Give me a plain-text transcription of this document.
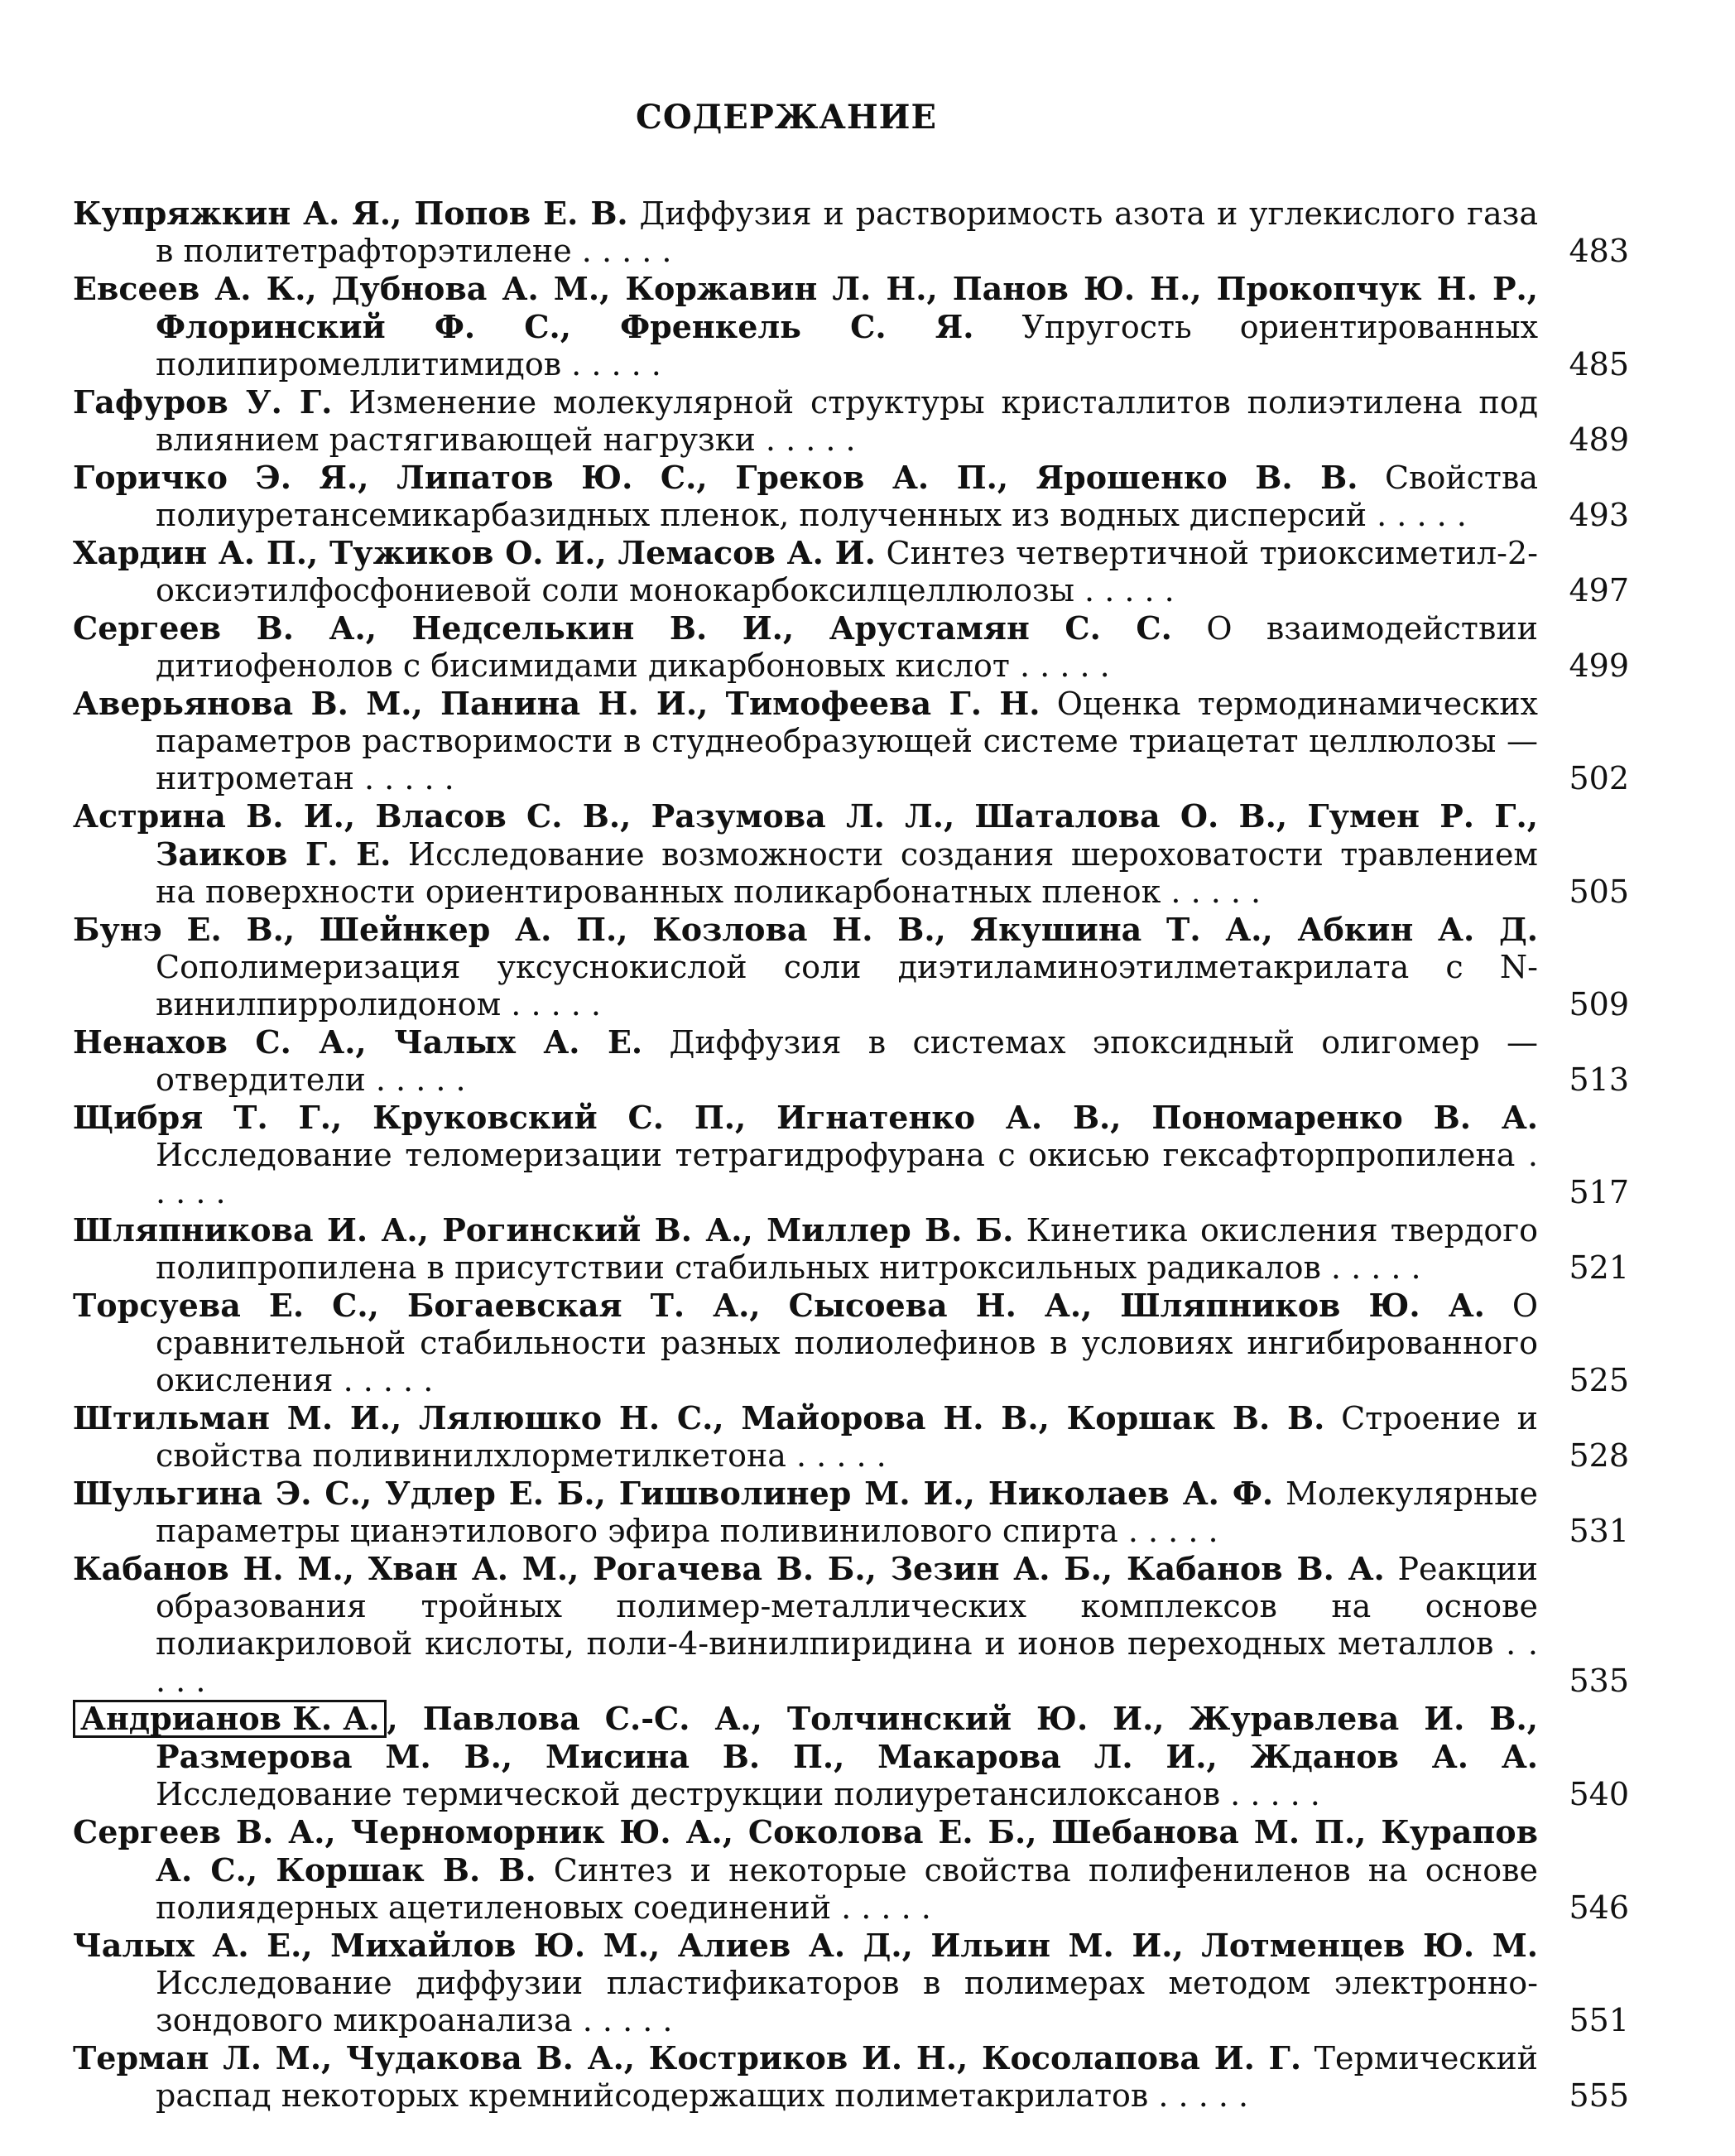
СОДЕРЖАНИЕ
Купряжкин А. Я., Попов Е. В. Диффузия и растворимость азота и углекислого газа в политетрафторэтилене . . . . .	483
Евсеев А. К., Дубнова А. М., Коржавин Л. Н., Панов Ю. Н., Прокопчук Н. Р., Флоринский Ф. С., Френкель С. Я. Упругость ориентированных полипиромеллитимидов . . . . .	485
Гафуров У. Г. Изменение молекулярной структуры кристаллитов полиэтилена под влиянием растягивающей нагрузки . . . . .	489
Горичко Э. Я., Липатов Ю. С., Греков А. П., Ярошенко В. В. Свойства полиуретансемикарбазидных пленок, полученных из водных дисперсий . . . . .	493
Хардин А. П., Тужиков О. И., Лемасов А. И. Синтез четвертичной триоксиметил-2-оксиэтилфосфониевой соли монокарбоксилцеллюлозы . . . . .	497
Сергеев В. А., Недселькин В. И., Арустамян С. С. О взаимодействии дитиофенолов с бисимидами дикарбоновых кислот . . . . .	499
Аверьянова В. М., Панина Н. И., Тимофеева Г. Н. Оценка термодинамических параметров растворимости в студнеобразующей системе триацетат целлюлозы — нитрометан . . . . .	502
Астрина В. И., Власов С. В., Разумова Л. Л., Шаталова О. В., Гумен Р. Г., Заиков Г. Е. Исследование возможности создания шероховатости травлением на поверхности ориентированных поликарбонатных пленок . . . . .	505
Бунэ Е. В., Шейнкер А. П., Козлова Н. В., Якушина Т. А., Абкин А. Д. Сополимеризация уксуснокислой соли диэтиламиноэтилметакрилата с N-винилпирролидоном . . . . .	509
Ненахов С. А., Чалых А. Е. Диффузия в системах эпоксидный олигомер — отвердители . . . . .	513
Щибря Т. Г., Круковский С. П., Игнатенко А. В., Пономаренко В. А. Исследование теломеризации тетрагидрофурана с окисью гексафторпропилена . . . . .	517
Шляпникова И. А., Рогинский В. А., Миллер В. Б. Кинетика окисления твердого полипропилена в присутствии стабильных нитроксильных радикалов . . . . .	521
Торсуева Е. С., Богаевская Т. А., Сысоева Н. А., Шляпников Ю. А. О сравнительной стабильности разных полиолефинов в условиях ингибированного окисления . . . . .	525
Штильман М. И., Лялюшко Н. С., Майорова Н. В., Коршак В. В. Строение и свойства поливинилхлорметилкетона . . . . .	528
Шульгина Э. С., Удлер Е. Б., Гишволинер М. И., Николаев А. Ф. Молекулярные параметры цианэтилового эфира поливинилового спирта . . . . .	531
Кабанов Н. М., Хван А. М., Рогачева В. Б., Зезин А. Б., Кабанов В. А. Реакции образования тройных полимер-металлических комплексов на основе полиакриловой кислоты, поли-4-винилпиридина и ионов переходных металлов . . . . .	535
Андрианов К. А. , Павлова С.-С. А., Толчинский Ю. И., Журавлева И. В., Размерова М. В., Мисина В. П., Макарова Л. И., Жданов А. А. Исследование термической деструкции полиуретансилоксанов . . . . .	540
Сергеев В. А., Черноморник Ю. А., Соколова Е. Б., Шебанова М. П., Курапов А. С., Коршак В. В. Синтез и некоторые свойства полифениленов на основе полиядерных ацетиленовых соединений . . . . .	546
Чалых А. Е., Михайлов Ю. М., Алиев А. Д., Ильин М. И., Лотменцев Ю. М. Исследование диффузии пластификаторов в полимерах методом электронно-зондового микроанализа . . . . .	551
Терман Л. М., Чудакова В. А., Костриков И. Н., Косолапова И. Г. Термический распад некоторых кремнийсодержащих полиметакрилатов . . . . .	555
